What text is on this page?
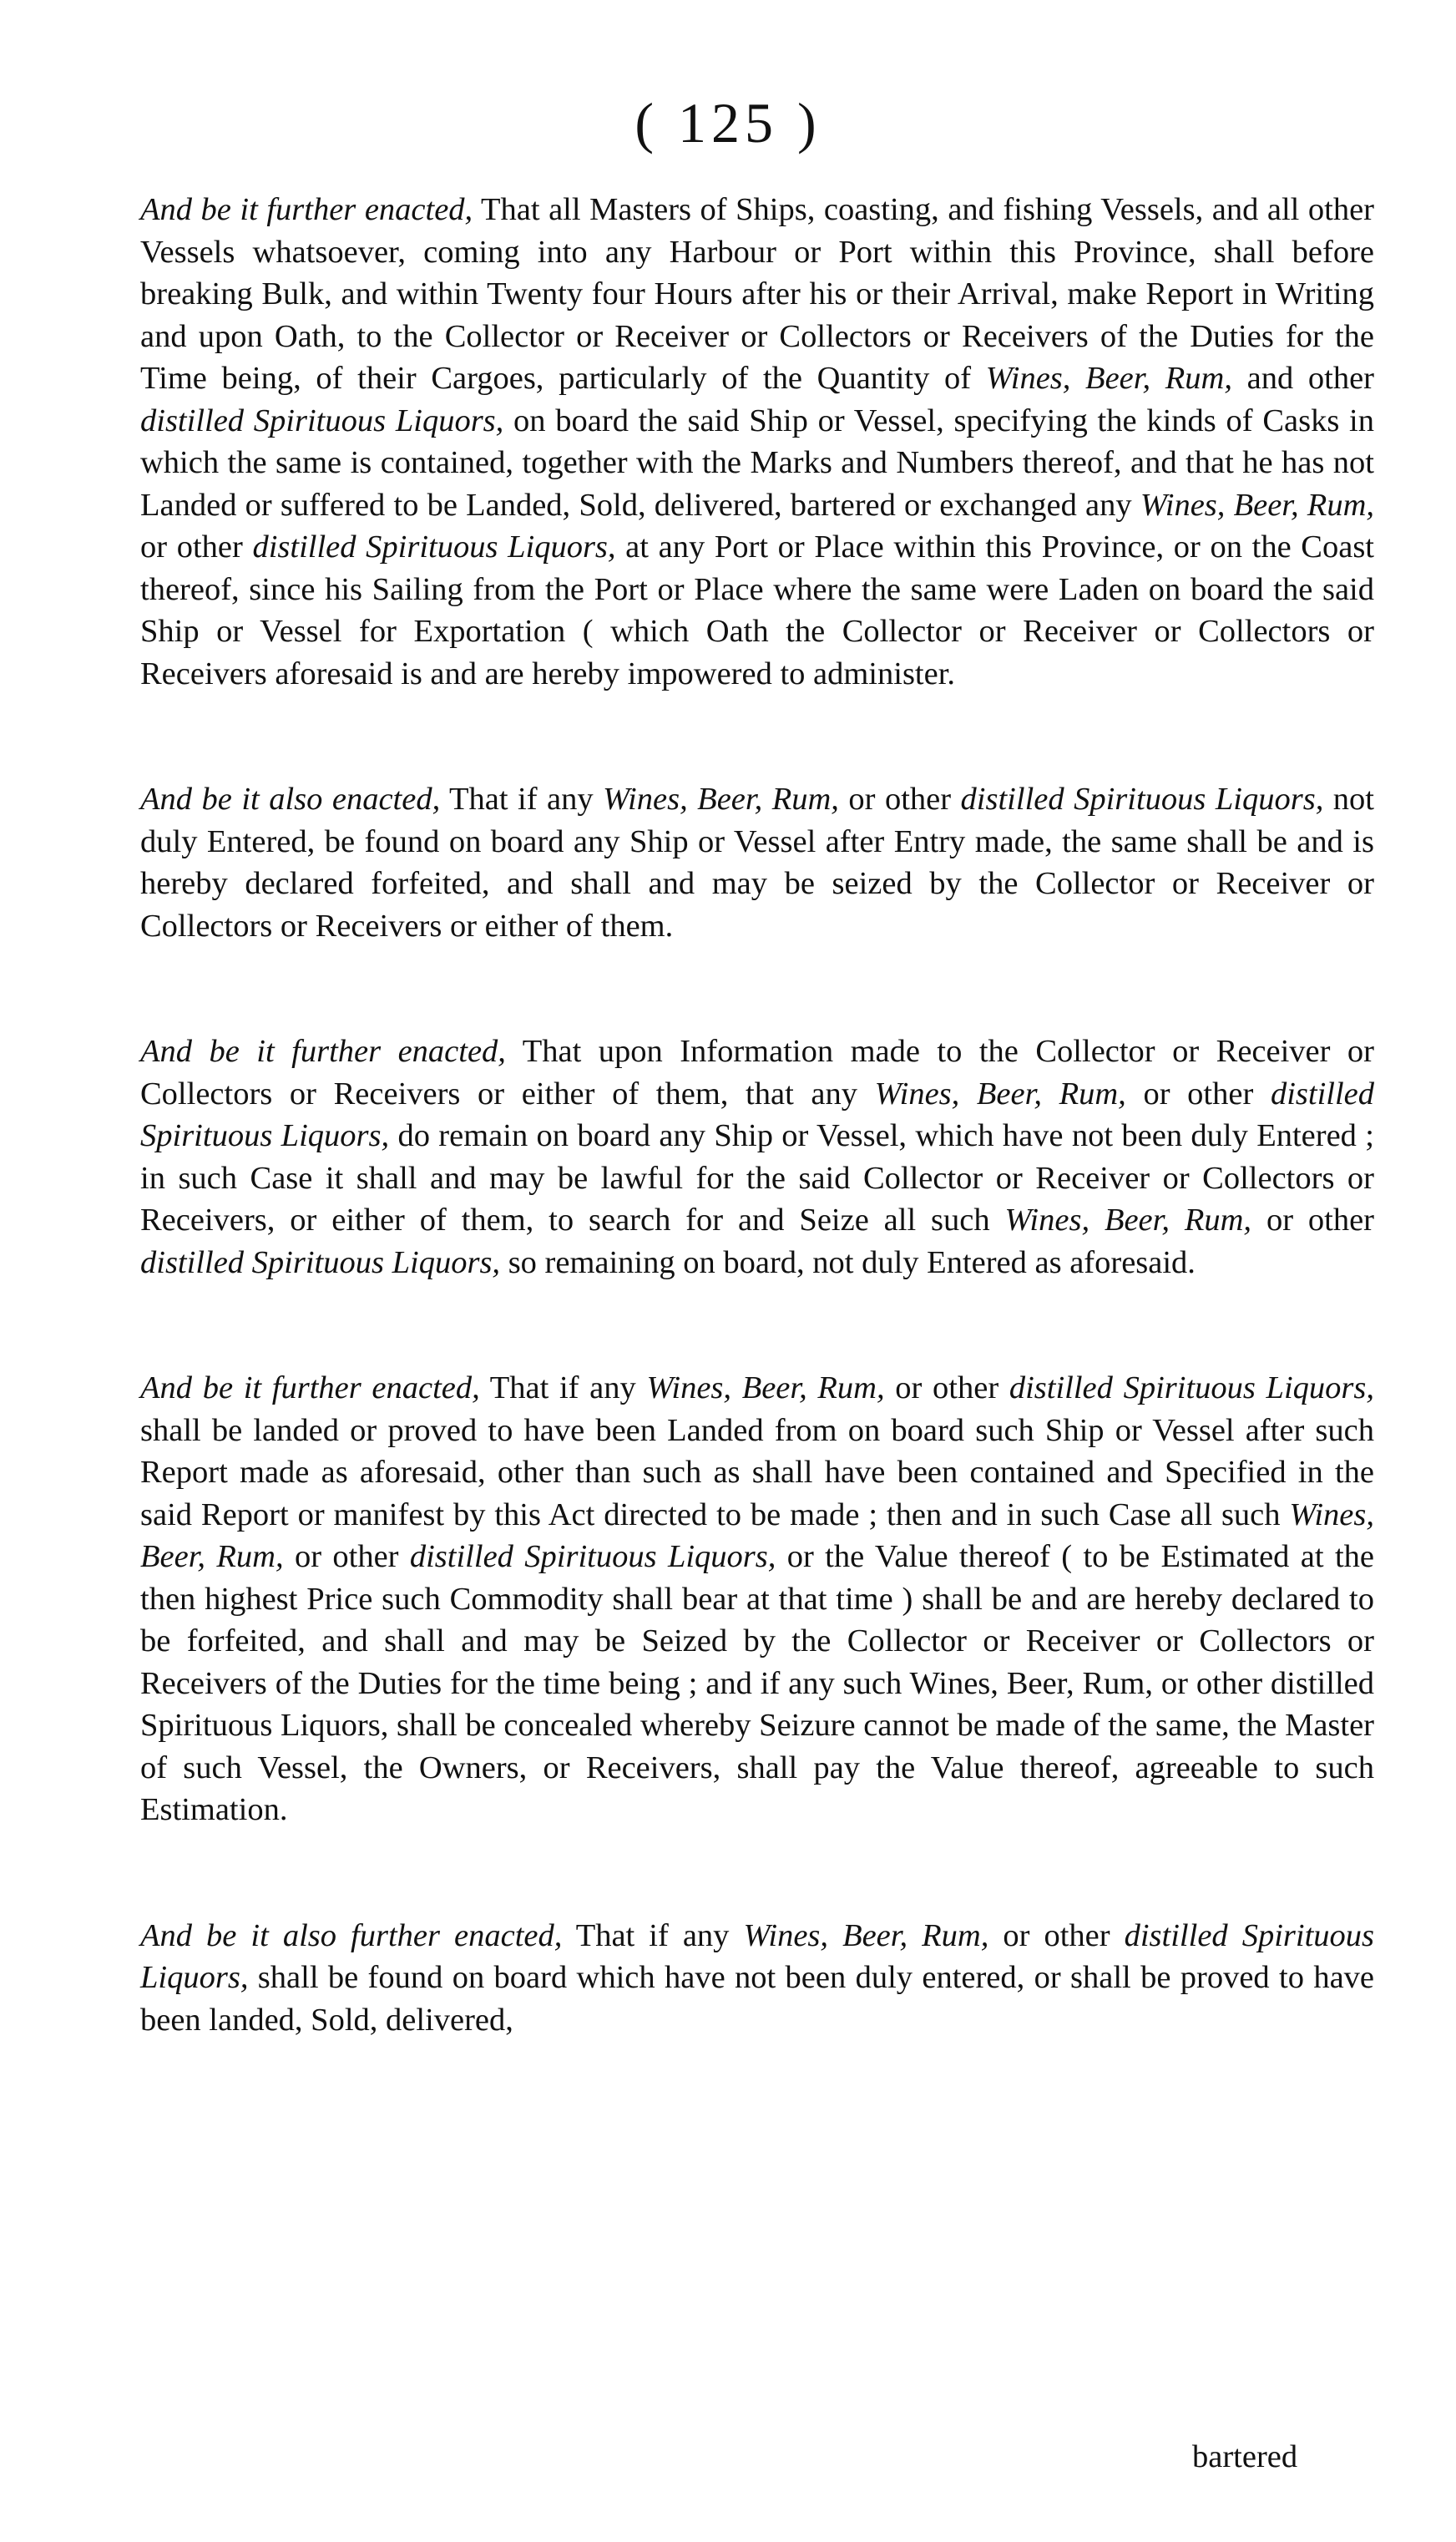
( 125 )

And be it further enacted, That all Masters of Ships, coasting, and fishing Vessels, and all other Vessels whatsoever, coming into any Harbour or Port within this Province, shall before breaking Bulk, and within Twenty four Hours after his or their Arrival, make Report in Writing and upon Oath, to the Collector or Receiver or Collectors or Receivers of the Duties for the Time being, of their Cargoes, particularly of the Quantity of Wines, Beer, Rum, and other distilled Spirituous Liquors, on board the said Ship or Vessel, specifying the kinds of Casks in which the same is contained, together with the Marks and Numbers thereof, and that he has not Landed or suffered to be Landed, Sold, delivered, bartered or exchanged any Wines, Beer, Rum, or other distilled Spirituous Liquors, at any Port or Place within this Province, or on the Coast thereof, since his Sailing from the Port or Place where the same were Laden on board the said Ship or Vessel for Exportation ( which Oath the Collector or Receiver or Collectors or Receivers aforesaid is and are hereby impowered to administer.

And be it also enacted, That if any Wines, Beer, Rum, or other distilled Spirituous Liquors, not duly Entered, be found on board any Ship or Vessel after Entry made, the same shall be and is hereby declared forfeited, and shall and may be seized by the Collector or Receiver or Collectors or Receivers or either of them.

And be it further enacted, That upon Information made to the Collector or Receiver or Collectors or Receivers or either of them, that any Wines, Beer, Rum, or other distilled Spirituous Liquors, do remain on board any Ship or Vessel, which have not been duly Entered ; in such Case it shall and may be lawful for the said Collector or Receiver or Collectors or Receivers, or either of them, to search for and Seize all such Wines, Beer, Rum, or other distilled Spirituous Liquors, so remaining on board, not duly Entered as aforesaid.

And be it further enacted, That if any Wines, Beer, Rum, or other distilled Spirituous Liquors, shall be landed or proved to have been Landed from on board such Ship or Vessel after such Report made as aforesaid, other than such as shall have been contained and Specified in the said Report or manifest by this Act directed to be made ; then and in such Case all such Wines, Beer, Rum, or other distilled Spirituous Liquors, or the Value thereof ( to be Estimated at the then highest Price such Commodity shall bear at that time ) shall be and are hereby declared to be forfeited, and shall and may be Seized by the Collector or Receiver or Collectors or Receivers of the Duties for the time being ; and if any such Wines, Beer, Rum, or other distilled Spirituous Liquors, shall be concealed whereby Seizure cannot be made of the same, the Master of such Vessel, the Owners, or Receivers, shall pay the Value thereof, agreeable to such Estimation.

And be it also further enacted, That if any Wines, Beer, Rum, or other distilled Spirituous Liquors, shall be found on board which have not been duly entered, or shall be proved to have been landed, Sold, delivered,

bartered
